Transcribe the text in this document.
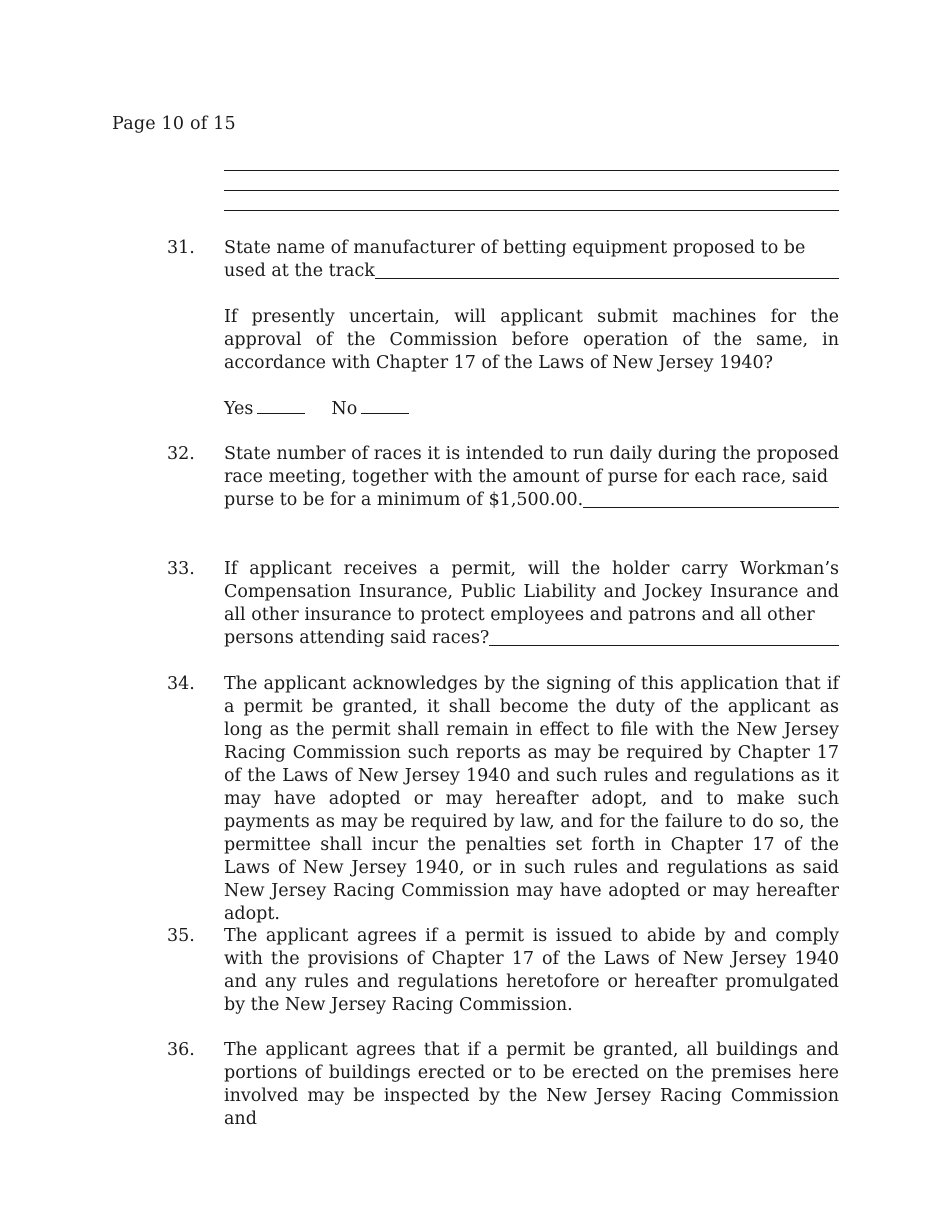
Page 10 of 15

31.	State name of manufacturer of betting equipment proposed to be

used at the track

If presently uncertain, will applicant submit machines for the approval of the Commission before operation of the same, in accordance with Chapter 17 of the Laws of New Jersey 1940?

Yes	No
32.	State number of races it is intended to run daily during the proposed race meeting, together with the amount of purse for each race, said

purse to be for a minimum of $1,500.00.
33.	If applicant receives a permit, will the holder carry Workman’s Compensation Insurance, Public Liability and Jockey Insurance and all other insurance to protect employees and patrons and all other

persons attending said races?
34.	The applicant acknowledges by the signing of this application that if a permit be granted, it shall become the duty of the applicant as long as the permit shall remain in effect to file with the New Jersey Racing Commission such reports as may be required by Chapter 17 of the Laws of New Jersey 1940 and such rules and regulations as it may have adopted or may hereafter adopt, and to make such payments as may be required by law, and for the failure to do so, the permittee shall incur the penalties set forth in Chapter 17 of the Laws of New Jersey 1940, or in such rules and regulations as said New Jersey Racing Commission may have adopted or may hereafter adopt.

35.	The applicant agrees if a permit is issued to abide by and comply with the provisions of Chapter 17 of the Laws of New Jersey 1940 and any rules and regulations heretofore or hereafter promulgated by the New Jersey Racing Commission.

36.	The applicant agrees that if a permit be granted, all buildings and portions of buildings erected or to be erected on the premises here involved may be inspected by the New Jersey Racing Commission and
